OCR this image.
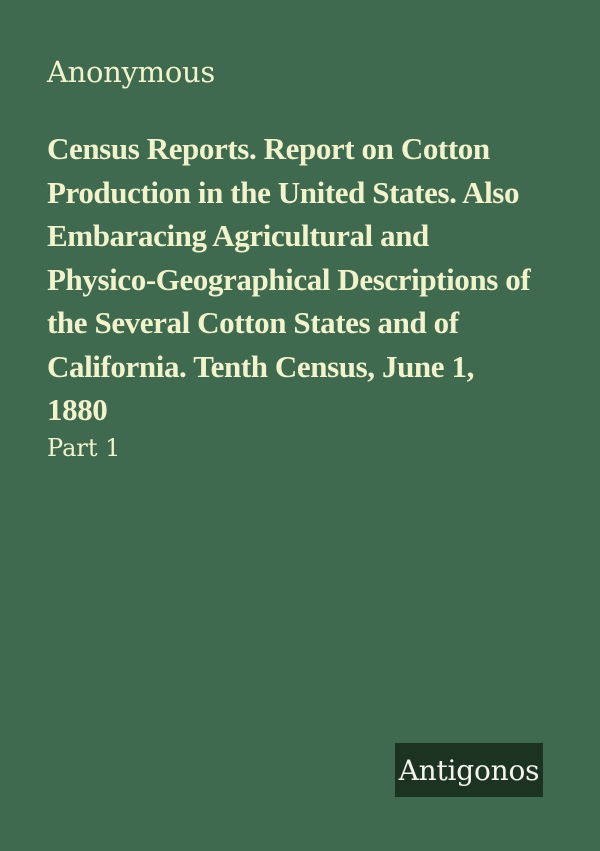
Anonymous
Census Reports. Report on Cotton
Production in the United States. Also
Embaracing Agricultural and
Physico-Geographical Descriptions of
the Several Cotton States and of
California. Tenth Census, June 1,
1880
Part 1
Antigonos
